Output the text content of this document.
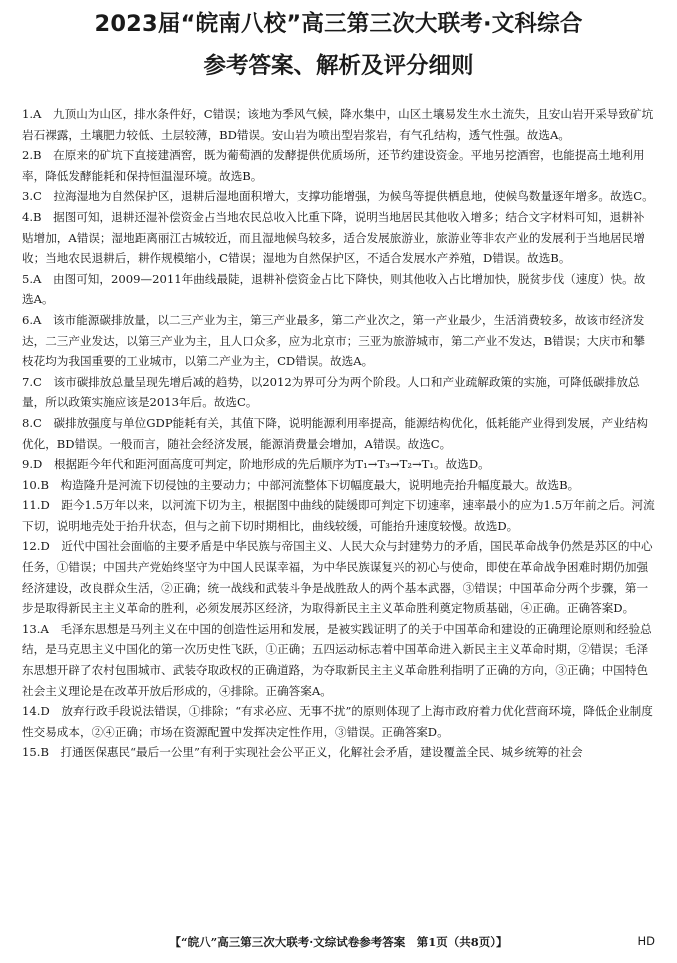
2023届“皖南八校”高三第三次大联考·文科综合
参考答案、解析及评分细则

1.A　九顶山为山区，排水条件好，C错误；该地为季风气候，降水集中，山区土壤易发生水土流失，且安山岩开采导致矿坑岩石裸露，土壤肥力较低、土层较薄，BD错误。安山岩为喷出型岩浆岩，有气孔结构，透气性强。故选A。

2.B　在原来的矿坑下直接建酒窖，既为葡萄酒的发酵提供优质场所，还节约建设资金。平地另挖酒窖，也能提高土地利用率，降低发酵能耗和保持恒温湿环境。故选B。

3.C　拉海湿地为自然保护区，退耕后湿地面积增大，支撑功能增强，为候鸟等提供栖息地，使候鸟数量逐年增多。故选C。

4.B　据图可知，退耕还湿补偿资金占当地农民总收入比重下降，说明当地居民其他收入增多；结合文字材料可知，退耕补贴增加，A错误；湿地距离丽江古城较近，而且湿地候鸟较多，适合发展旅游业，旅游业等非农产业的发展利于当地居民增收；当地农民退耕后，耕作规模缩小，C错误；湿地为自然保护区，不适合发展水产养殖，D错误。故选B。

5.A　由图可知，2009—2011年曲线最陡，退耕补偿资金占比下降快，则其他收入占比增加快，脱贫步伐（速度）快。故选A。

6.A　该市能源碳排放量，以二三产业为主，第三产业最多，第二产业次之，第一产业最少，生活消费较多，故该市经济发达，二三产业发达，以第三产业为主，且人口众多，应为北京市；三亚为旅游城市，第二产业不发达，B错误；大庆市和攀枝花均为我国重要的工业城市，以第二产业为主，CD错误。故选A。

7.C　该市碳排放总量呈现先增后减的趋势，以2012为界可分为两个阶段。人口和产业疏解政策的实施，可降低碳排放总量，所以政策实施应该是2013年后。故选C。

8.C　碳排放强度与单位GDP能耗有关，其值下降，说明能源利用率提高，能源结构优化，低耗能产业得到发展，产业结构优化，BD错误。一般而言，随社会经济发展，能源消费量会增加，A错误。故选C。

9.D　根据距今年代和距河面高度可判定，阶地形成的先后顺序为T₁→T₃→T₂→T₁。故选D。

10.B　构造隆升是河流下切侵蚀的主要动力；中部河流整体下切幅度最大，说明地壳抬升幅度最大。故选B。

11.D　距今1.5万年以来，以河流下切为主，根据图中曲线的陡缓即可判定下切速率，速率最小的应为1.5万年前之后。河流下切，说明地壳处于抬升状态，但与之前下切时期相比，曲线较缓，可能抬升速度较慢。故选D。

12.D　近代中国社会面临的主要矛盾是中华民族与帝国主义、人民大众与封建势力的矛盾，国民革命战争仍然是苏区的中心任务，①错误；中国共产党始终坚守为中国人民谋幸福，为中华民族谋复兴的初心与使命，即使在革命战争困难时期仍加强经济建设，改良群众生活，②正确；统一战线和武装斗争是战胜敌人的两个基本武器，③错误；中国革命分两个步骤，第一步是取得新民主主义革命的胜利，必须发展苏区经济，为取得新民主主义革命胜利奠定物质基础，④正确。正确答案D。

13.A　毛泽东思想是马列主义在中国的创造性运用和发展，是被实践证明了的关于中国革命和建设的正确理论原则和经验总结，是马克思主义中国化的第一次历史性飞跃，①正确；五四运动标志着中国革命进入新民主主义革命时期，②错误；毛泽东思想开辟了农村包围城市、武装夺取政权的正确道路，为夺取新民主主义革命胜利指明了正确的方向，③正确；中国特色社会主义理论是在改革开放后形成的，④排除。正确答案A。

14.D　放弃行政手段说法错误，①排除；“有求必应、无事不扰”的原则体现了上海市政府着力优化营商环境，降低企业制度性交易成本，②④正确；市场在资源配置中发挥决定性作用，③错误。正确答案D。

15.B　打通医保惠民“最后一公里”有利于实现社会公平正义，化解社会矛盾，建设覆盖全民、城乡统筹的社会

【“皖八”高三第三次大联考·文综试卷参考答案　第1页（共8页）】	HD
